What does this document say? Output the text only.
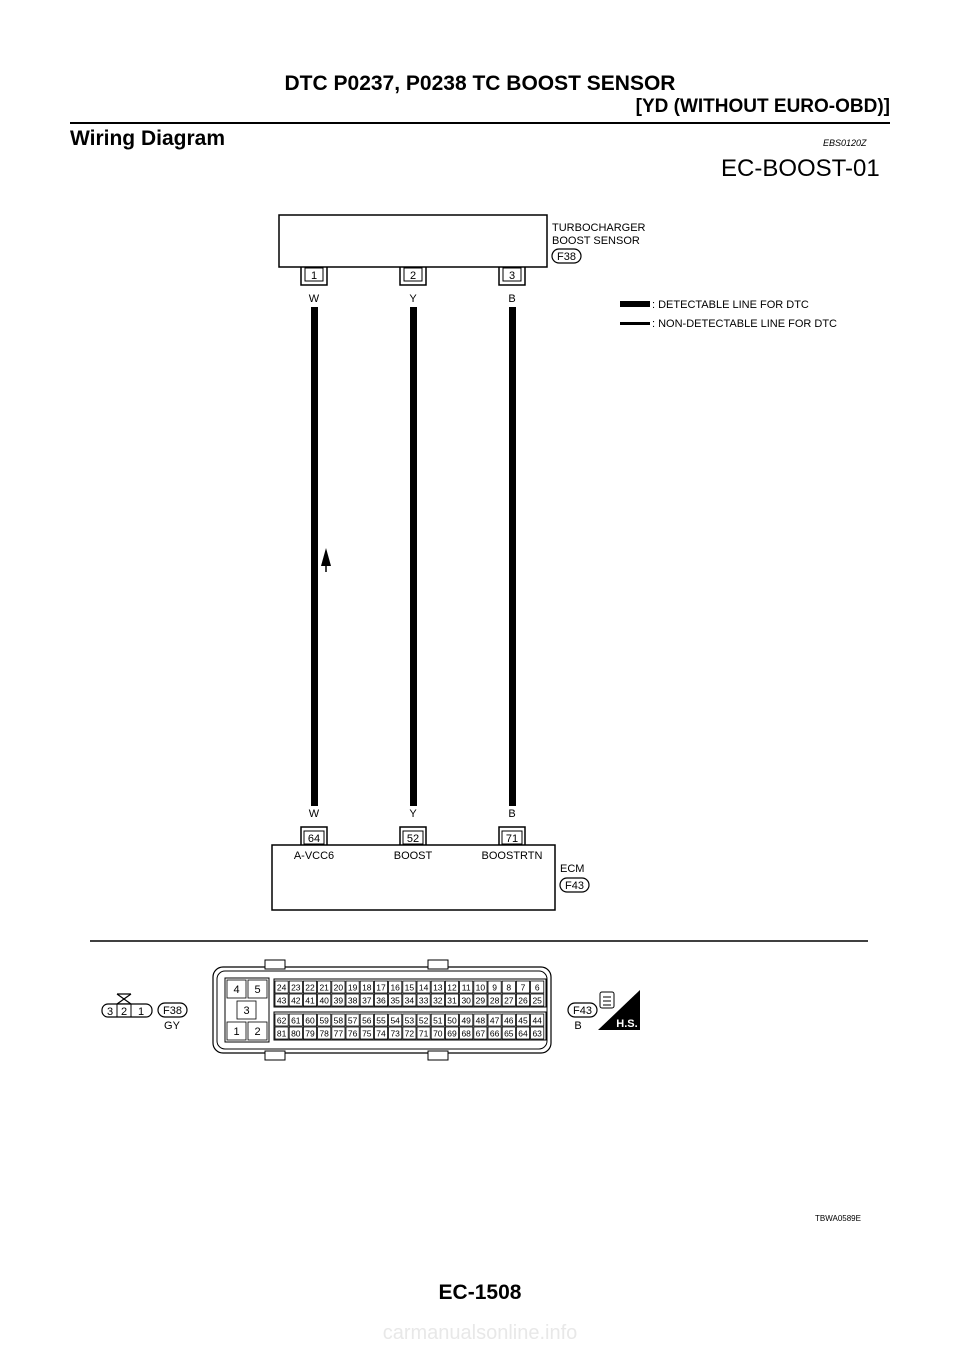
DTC P0237, P0238 TC BOOST SENSOR
[YD (WITHOUT EURO-OBD)]
Wiring Diagram	EBS0120Z
EC-BOOST-01
TURBOCHARGER
BOOST SENSOR
F38
1	2	3
W	Y	B	: DETECTABLE LINE FOR DTC
: NON-DETECTABLE LINE FOR DTC
W	Y	B
64	52	71
A-VCC6	BOOST	BOOSTRTN
ECM
F43
3 2 1 F38
GY
4 5
3
1 2
24 23 22 21 20 19 18 17 16 15 14 13 12 11 10 9 8 7 6
43 42 41 40 39 38 37 36 35 34 33 32 31 30 29 28 27 26 25
62 61 60 59 58 57 56 55 54 53 52 51 50 49 48 47 46 45 44
81 80 79 78 77 76 75 74 73 72 71 70 69 68 67 66 65 64 63
F43
B	H.S.
TBWA0589E
EC-1508
carmanualsonline.info
